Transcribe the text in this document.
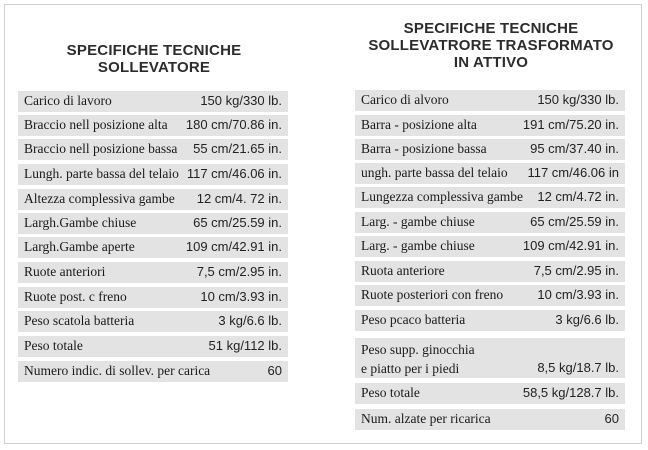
SPECIFICHE TECNICHE
SOLLEVATORE
SPECIFICHE TECNICHE
SOLLEVATRORE TRASFORMATO
IN ATTIVO
Carico di lavoro	150 kg/330 lb.
Braccio nell posizione alta 180 cm/70.86 in.
Braccio nell posizione bassa 55 cm/21.65 in.
Lungh. parte bassa del telaio 117 cm/46.06 in.
Altezza complessiva gambe 12 cm/4. 72 in.
Largh.Gambe chiuse	65 cm/25.59 in.
Largh.Gambe aperte	109 cm/42.91 in.
Ruote anteriori	7,5 cm/2.95 in.
Ruote post. c freno	10 cm/3.93 in.
Peso scatola batteria	3 kg/6.6 lb.
Peso totale	51 kg/112 lb.
Numero indic. di sollev. per carica	60
Carico di alvoro	150 kg/330 lb.
Barra - posizione alta	191 cm/75.20 in.
Barra - posizione bassa	95 cm/37.40 in.
ungh. parte bassa del telaio 117 cm/46.06 in
Lungezza complessiva gambe 12 cm/4.72 in.
Larg. - gambe chiuse	65 cm/25.59 in.
Larg. - gambe chiuse	109 cm/42.91 in.
Ruota anteriore	7,5 cm/2.95 in.
Ruote posteriori con freno	10 cm/3.93 in.
Peso pcaco batteria	3 kg/6.6 lb.
Peso supp. ginocchia
e piatto per i piedi	8,5 kg/18.7 lb.
Peso totale	58,5 kg/128.7 lb.
Num. alzate per ricarica	60
